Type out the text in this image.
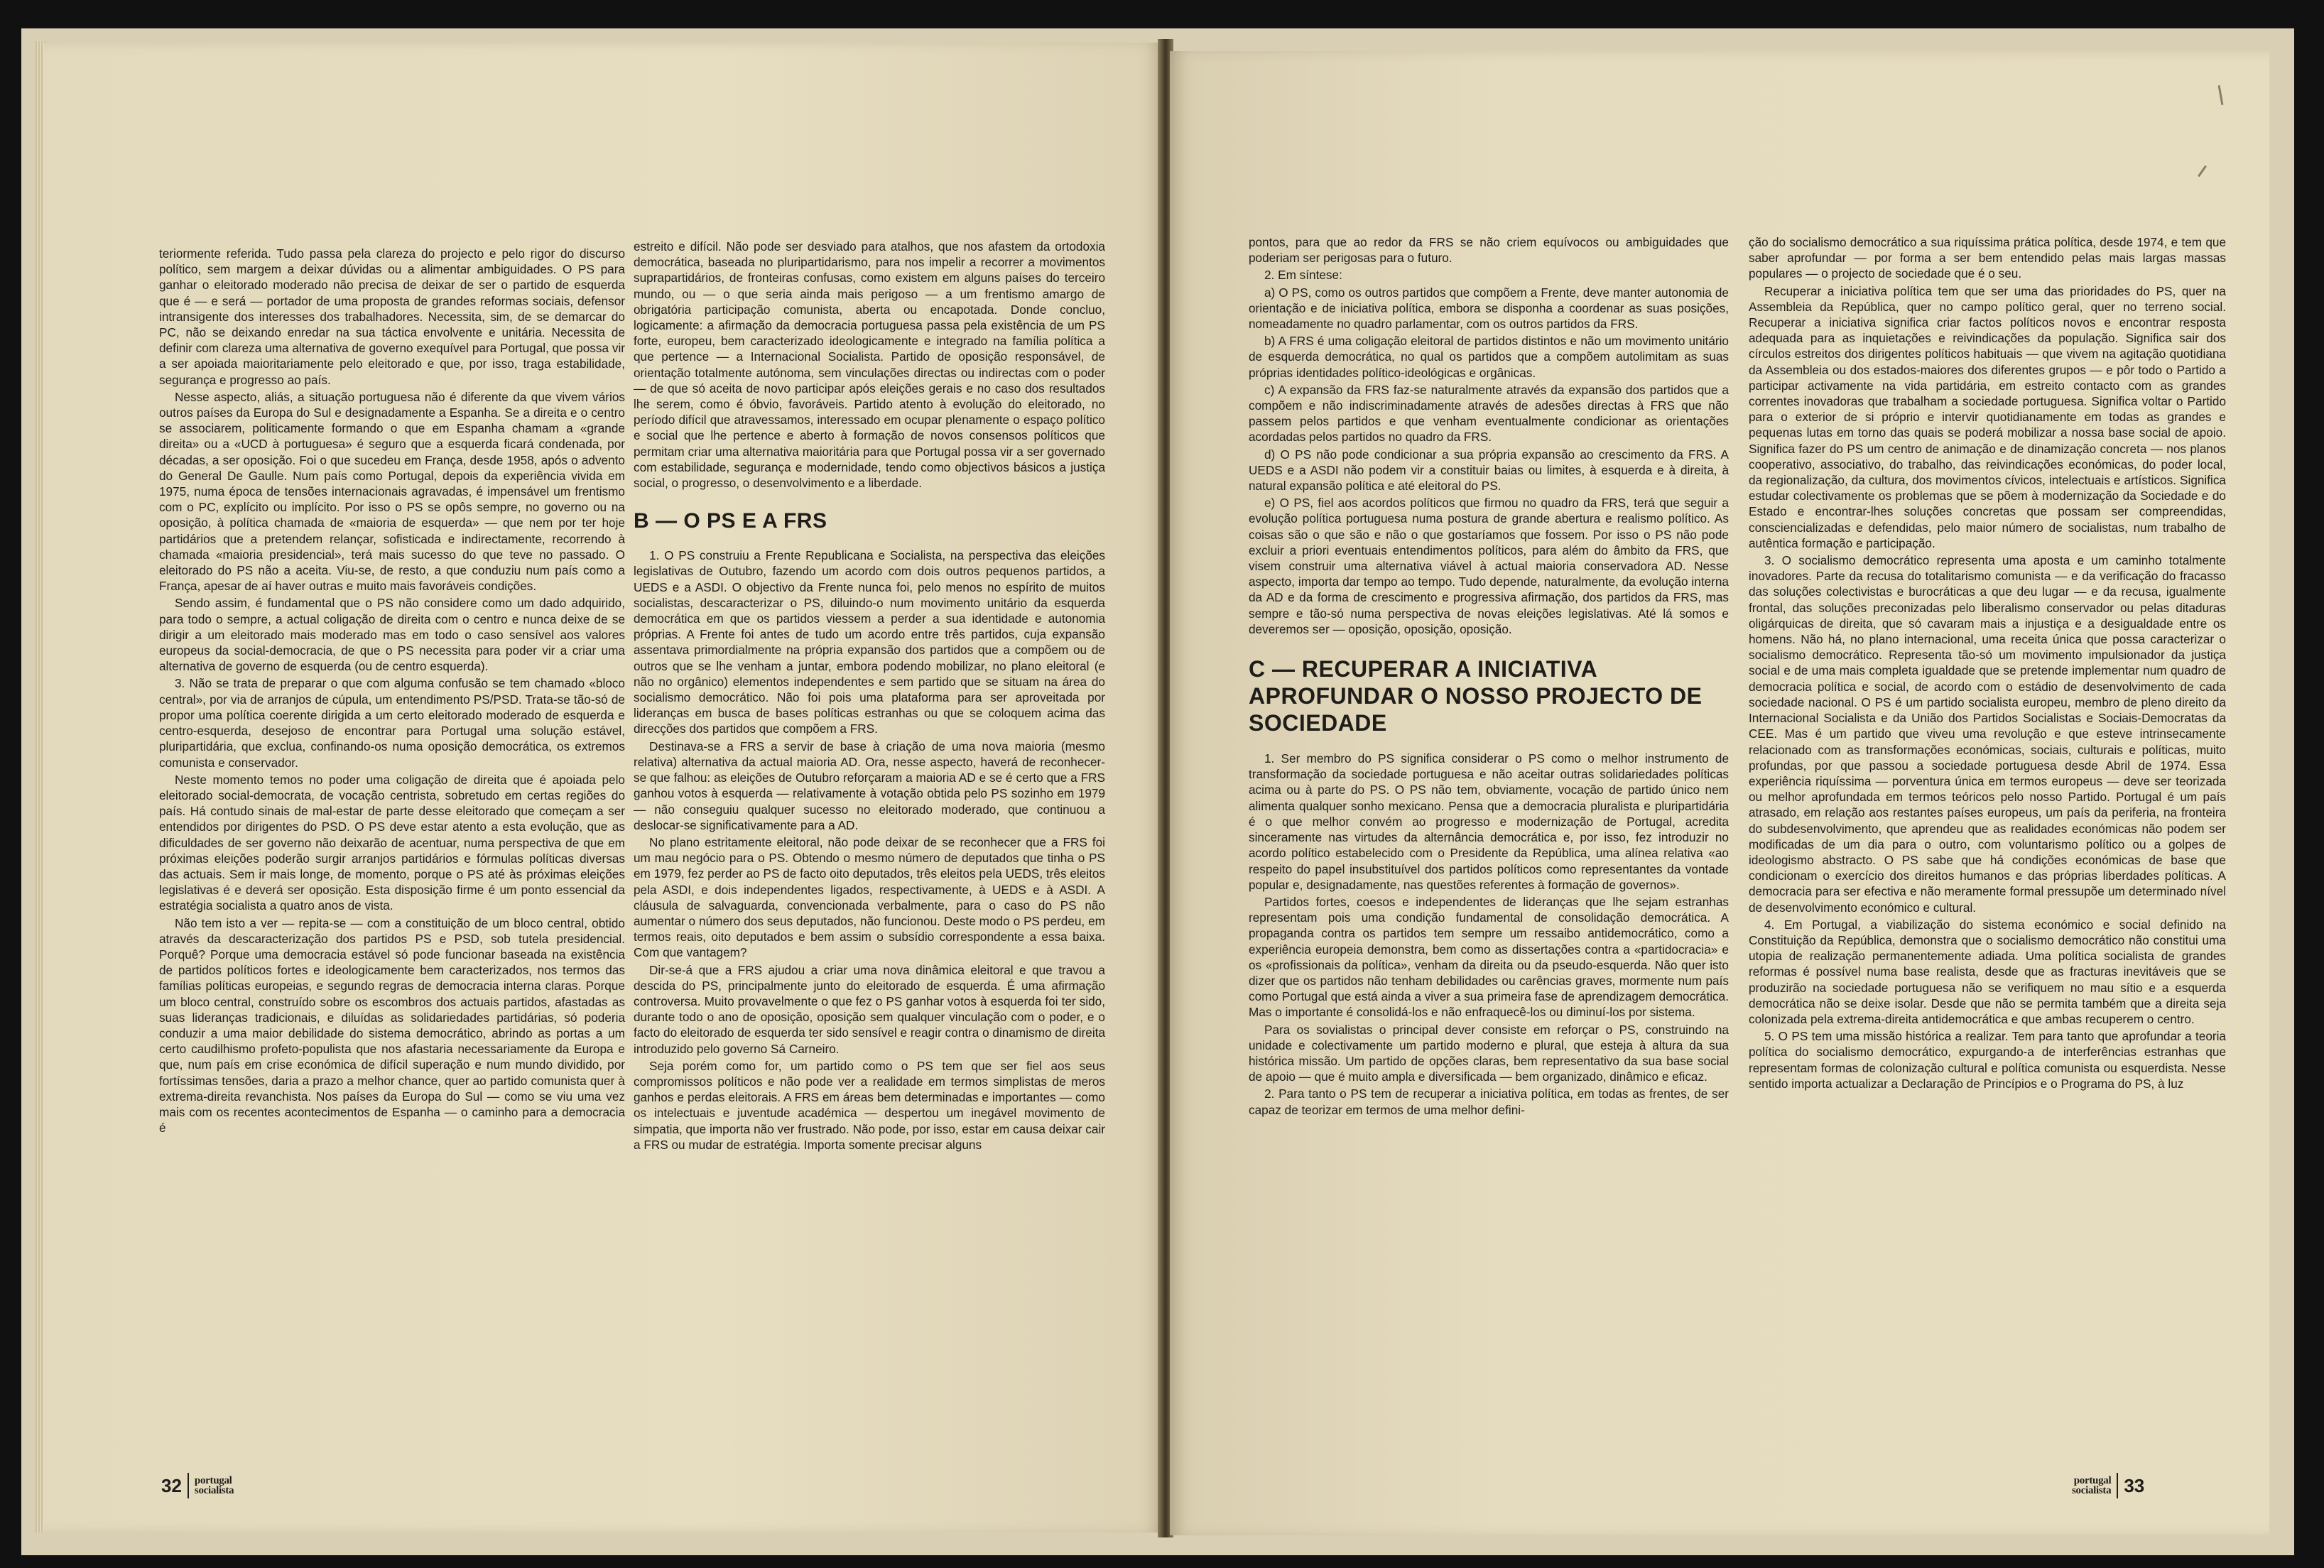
teriormente referida. Tudo passa pela clareza do projecto e pelo rigor do discurso político, sem margem a deixar dúvidas ou a alimentar ambiguidades. O PS para ganhar o eleitorado moderado não precisa de deixar de ser o partido de esquerda que é — e será — portador de uma proposta de grandes reformas sociais, defensor intransigente dos interesses dos trabalhadores. Necessita, sim, de se demarcar do PC, não se deixando enredar na sua táctica envolvente e unitária. Necessita de definir com clareza uma alternativa de governo exequível para Portugal, que possa vir a ser apoiada maioritariamente pelo eleitorado e que, por isso, traga estabilidade, segurança e progresso ao país.

Nesse aspecto, aliás, a situação portuguesa não é diferente da que vivem vários outros países da Europa do Sul e designadamente a Espanha. Se a direita e o centro se associarem, politicamente formando o que em Espanha chamam a «grande direita» ou a «UCD à portuguesa» é seguro que a esquerda ficará condenada, por décadas, a ser oposição. Foi o que sucedeu em França, desde 1958, após o advento do General De Gaulle. Num país como Portugal, depois da experiência vivida em 1975, numa época de tensões internacionais agravadas, é impensável um frentismo com o PC, explícito ou implícito. Por isso o PS se opôs sempre, no governo ou na oposição, à política chamada de «maioria de esquerda» — que nem por ter hoje partidários que a pretendem relançar, sofisticada e indirectamente, recorrendo à chamada «maioria presidencial», terá mais sucesso do que teve no passado. O eleitorado do PS não a aceita. Viu-se, de resto, a que conduziu num país como a França, apesar de aí haver outras e muito mais favoráveis condições.

Sendo assim, é fundamental que o PS não considere como um dado adquirido, para todo o sempre, a actual coligação de direita com o centro e nunca deixe de se dirigir a um eleitorado mais moderado mas em todo o caso sensível aos valores europeus da social-democracia, de que o PS necessita para poder vir a criar uma alternativa de governo de esquerda (ou de centro esquerda).

3. Não se trata de preparar o que com alguma confusão se tem chamado «bloco central», por via de arranjos de cúpula, um entendimento PS/PSD. Trata-se tão-só de propor uma política coerente dirigida a um certo eleitorado moderado de esquerda e centro-esquerda, desejoso de encontrar para Portugal uma solução estável, pluripartidária, que exclua, confinando-os numa oposição democrática, os extremos comunista e conservador.

Neste momento temos no poder uma coligação de direita que é apoiada pelo eleitorado social-democrata, de vocação centrista, sobretudo em certas regiões do país. Há contudo sinais de mal-estar de parte desse eleitorado que começam a ser entendidos por dirigentes do PSD. O PS deve estar atento a esta evolução, que as dificuldades de ser governo não deixarão de acentuar, numa perspectiva de que em próximas eleições poderão surgir arranjos partidários e fórmulas políticas diversas das actuais. Sem ir mais longe, de momento, porque o PS até às próximas eleições legislativas é e deverá ser oposição. Esta disposição firme é um ponto essencial da estratégia socialista a quatro anos de vista.

Não tem isto a ver — repita-se — com a constituição de um bloco central, obtido através da descaracterização dos partidos PS e PSD, sob tutela presidencial. Porquê? Porque uma democracia estável só pode funcionar baseada na existência de partidos políticos fortes e ideologicamente bem caracterizados, nos termos das famílias políticas europeias, e segundo regras de democracia interna claras. Porque um bloco central, construído sobre os escombros dos actuais partidos, afastadas as suas lideranças tradicionais, e diluídas as solidariedades partidárias, só poderia conduzir a uma maior debilidade do sistema democrático, abrindo as portas a um certo caudilhismo profeto-populista que nos afastaria necessariamente da Europa e que, num país em crise económica de difícil superação e num mundo dividido, por fortíssimas tensões, daria a prazo a melhor chance, quer ao partido comunista quer à extrema-direita revanchista. Nos países da Europa do Sul — como se viu uma vez mais com os recentes acontecimentos de Espanha — o caminho para a democracia é

estreito e difícil. Não pode ser desviado para atalhos, que nos afastem da ortodoxia democrática, baseada no pluripartidarismo, para nos impelir a recorrer a movimentos suprapartidários, de fronteiras confusas, como existem em alguns países do terceiro mundo, ou — o que seria ainda mais perigoso — a um frentismo amargo de obrigatória participação comunista, aberta ou encapotada. Donde concluo, logicamente: a afirmação da democracia portuguesa passa pela existência de um PS forte, europeu, bem caracterizado ideologicamente e integrado na família política a que pertence — a Internacional Socialista. Partido de oposição responsável, de orientação totalmente autónoma, sem vinculações directas ou indirectas com o poder — de que só aceita de novo participar após eleições gerais e no caso dos resultados lhe serem, como é óbvio, favoráveis. Partido atento à evolução do eleitorado, no período difícil que atravessamos, interessado em ocupar plenamente o espaço político e social que lhe pertence e aberto à formação de novos consensos políticos que permitam criar uma alternativa maioritária para que Portugal possa vir a ser governado com estabilidade, segurança e modernidade, tendo como objectivos básicos a justiça social, o progresso, o desenvolvimento e a liberdade.

B — O PS E A FRS

1. O PS construiu a Frente Republicana e Socialista, na perspectiva das eleições legislativas de Outubro, fazendo um acordo com dois outros pequenos partidos, a UEDS e a ASDI. O objectivo da Frente nunca foi, pelo menos no espírito de muitos socialistas, descaracterizar o PS, diluindo-o num movimento unitário da esquerda democrática em que os partidos viessem a perder a sua identidade e autonomia próprias. A Frente foi antes de tudo um acordo entre três partidos, cuja expansão assentava primordialmente na própria expansão dos partidos que a compõem ou de outros que se lhe venham a juntar, embora podendo mobilizar, no plano eleitoral (e não no orgânico) elementos independentes e sem partido que se situam na área do socialismo democrático. Não foi pois uma plataforma para ser aproveitada por lideranças em busca de bases políticas estranhas ou que se coloquem acima das direcções dos partidos que compõem a FRS.

Destinava-se a FRS a servir de base à criação de uma nova maioria (mesmo relativa) alternativa da actual maioria AD. Ora, nesse aspecto, haverá de reconhecer-se que falhou: as eleições de Outubro reforçaram a maioria AD e se é certo que a FRS ganhou votos à esquerda — relativamente à votação obtida pelo PS sozinho em 1979 — não conseguiu qualquer sucesso no eleitorado moderado, que continuou a deslocar-se significativamente para a AD.

No plano estritamente eleitoral, não pode deixar de se reconhecer que a FRS foi um mau negócio para o PS. Obtendo o mesmo número de deputados que tinha o PS em 1979, fez perder ao PS de facto oito deputados, três eleitos pela UEDS, três eleitos pela ASDI, e dois independentes ligados, respectivamente, à UEDS e à ASDI. A cláusula de salvaguarda, convencionada verbalmente, para o caso do PS não aumentar o número dos seus deputados, não funcionou. Deste modo o PS perdeu, em termos reais, oito deputados e bem assim o subsídio correspondente a essa baixa. Com que vantagem?

Dir-se-á que a FRS ajudou a criar uma nova dinâmica eleitoral e que travou a descida do PS, principalmente junto do eleitorado de esquerda. É uma afirmação controversa. Muito provavelmente o que fez o PS ganhar votos à esquerda foi ter sido, durante todo o ano de oposição, oposição sem qualquer vinculação com o poder, e o facto do eleitorado de esquerda ter sido sensível e reagir contra o dinamismo de direita introduzido pelo governo Sá Carneiro.

Seja porém como for, um partido como o PS tem que ser fiel aos seus compromissos políticos e não pode ver a realidade em termos simplistas de meros ganhos e perdas eleitorais. A FRS em áreas bem determinadas e importantes — como os intelectuais e juventude académica — despertou um inegável movimento de simpatia, que importa não ver frustrado. Não pode, por isso, estar em causa deixar cair a FRS ou mudar de estratégia. Importa somente precisar alguns

32 portugal
socialista

pontos, para que ao redor da FRS se não criem equívocos ou ambiguidades que poderiam ser perigosas para o futuro.

2. Em síntese:

a) O PS, como os outros partidos que compõem a Frente, deve manter autonomia de orientação e de iniciativa política, embora se disponha a coordenar as suas posições, nomeadamente no quadro parlamentar, com os outros partidos da FRS.

b) A FRS é uma coligação eleitoral de partidos distintos e não um movimento unitário de esquerda democrática, no qual os partidos que a compõem autolimitam as suas próprias identidades político-ideológicas e orgânicas.

c) A expansão da FRS faz-se naturalmente através da expansão dos partidos que a compõem e não indiscriminadamente através de adesões directas à FRS que não passem pelos partidos e que venham eventualmente condicionar as orientações acordadas pelos partidos no quadro da FRS.

d) O PS não pode condicionar a sua própria expansão ao crescimento da FRS. A UEDS e a ASDI não podem vir a constituir baias ou limites, à esquerda e à direita, à natural expansão política e até eleitoral do PS.

e) O PS, fiel aos acordos políticos que firmou no quadro da FRS, terá que seguir a evolução política portuguesa numa postura de grande abertura e realismo político. As coisas são o que são e não o que gostaríamos que fossem. Por isso o PS não pode excluir a priori eventuais entendimentos políticos, para além do âmbito da FRS, que visem construir uma alternativa viável à actual maioria conservadora AD. Nesse aspecto, importa dar tempo ao tempo. Tudo depende, naturalmente, da evolução interna da AD e da forma de crescimento e progressiva afirmação, dos partidos da FRS, mas sempre e tão-só numa perspectiva de novas eleições legislativas. Até lá somos e deveremos ser — oposição, oposição, oposição.

C — RECUPERAR A INICIATIVA APROFUNDAR O NOSSO PROJECTO DE SOCIEDADE

1. Ser membro do PS significa considerar o PS como o melhor instrumento de transformação da sociedade portuguesa e não aceitar outras solidariedades políticas acima ou à parte do PS. O PS não tem, obviamente, vocação de partido único nem alimenta qualquer sonho mexicano. Pensa que a democracia pluralista e pluripartidária é o que melhor convém ao progresso e modernização de Portugal, acredita sinceramente nas virtudes da alternância democrática e, por isso, fez introduzir no acordo político estabelecido com o Presidente da República, uma alínea relativa «ao respeito do papel insubstituível dos partidos políticos como representantes da vontade popular e, designadamente, nas questões referentes à formação de governos».

Partidos fortes, coesos e independentes de lideranças que lhe sejam estranhas representam pois uma condição fundamental de consolidação democrática. A propaganda contra os partidos tem sempre um ressaibo antidemocrático, como a experiência europeia demonstra, bem como as dissertações contra a «partidocracia» e os «profissionais da política», venham da direita ou da pseudo-esquerda. Não quer isto dizer que os partidos não tenham debilidades ou carências graves, mormente num país como Portugal que está ainda a viver a sua primeira fase de aprendizagem democrática. Mas o importante é consolidá-los e não enfraquecê-los ou diminuí-los por sistema.

Para os sovialistas o principal dever consiste em reforçar o PS, construindo na unidade e colectivamente um partido moderno e plural, que esteja à altura da sua histórica missão. Um partido de opções claras, bem representativo da sua base social de apoio — que é muito ampla e diversificada — bem organizado, dinâmico e eficaz.

2. Para tanto o PS tem de recuperar a iniciativa política, em todas as frentes, de ser capaz de teorizar em termos de uma melhor defini-

ção do socialismo democrático a sua riquíssima prática política, desde 1974, e tem que saber aprofundar — por forma a ser bem entendido pelas mais largas massas populares — o projecto de sociedade que é o seu.

Recuperar a iniciativa política tem que ser uma das prioridades do PS, quer na Assembleia da República, quer no campo político geral, quer no terreno social. Recuperar a iniciativa significa criar factos políticos novos e encontrar resposta adequada para as inquietações e reivindicações da população. Significa sair dos círculos estreitos dos dirigentes políticos habituais — que vivem na agitação quotidiana da Assembleia ou dos estados-maiores dos diferentes grupos — e pôr todo o Partido a participar activamente na vida partidária, em estreito contacto com as grandes correntes inovadoras que trabalham a sociedade portuguesa. Significa voltar o Partido para o exterior de si próprio e intervir quotidianamente em todas as grandes e pequenas lutas em torno das quais se poderá mobilizar a nossa base social de apoio. Significa fazer do PS um centro de animação e de dinamização concreta — nos planos cooperativo, associativo, do trabalho, das reivindicações económicas, do poder local, da regionalização, da cultura, dos movimentos cívicos, intelectuais e artísticos. Significa estudar colectivamente os problemas que se põem à modernização da Sociedade e do Estado e encontrar-lhes soluções concretas que possam ser compreendidas, consciencializadas e defendidas, pelo maior número de socialistas, num trabalho de autêntica formação e participação.

3. O socialismo democrático representa uma aposta e um caminho totalmente inovadores. Parte da recusa do totalitarismo comunista — e da verificação do fracasso das soluções colectivistas e burocráticas a que deu lugar — e da recusa, igualmente frontal, das soluções preconizadas pelo liberalismo conservador ou pelas ditaduras oligárquicas de direita, que só cavaram mais a injustiça e a desigualdade entre os homens. Não há, no plano internacional, uma receita única que possa caracterizar o socialismo democrático. Representa tão-só um movimento impulsionador da justiça social e de uma mais completa igualdade que se pretende implementar num quadro de democracia política e social, de acordo com o estádio de desenvolvimento de cada sociedade nacional. O PS é um partido socialista europeu, membro de pleno direito da Internacional Socialista e da União dos Partidos Socialistas e Sociais-Democratas da CEE. Mas é um partido que viveu uma revolução e que esteve intrinsecamente relacionado com as transformações económicas, sociais, culturais e políticas, muito profundas, por que passou a sociedade portuguesa desde Abril de 1974. Essa experiência riquíssima — porventura única em termos europeus — deve ser teorizada ou melhor aprofundada em termos teóricos pelo nosso Partido. Portugal é um país atrasado, em relação aos restantes países europeus, um país da periferia, na fronteira do subdesenvolvimento, que aprendeu que as realidades económicas não podem ser modificadas de um dia para o outro, com voluntarismo político ou a golpes de ideologismo abstracto. O PS sabe que há condições económicas de base que condicionam o exercício dos direitos humanos e das próprias liberdades políticas. A democracia para ser efectiva e não meramente formal pressupõe um determinado nível de desenvolvimento económico e cultural.

4. Em Portugal, a viabilização do sistema económico e social definido na Constituição da República, demonstra que o socialismo democrático não constitui uma utopia de realização permanentemente adiada. Uma política socialista de grandes reformas é possível numa base realista, desde que as fracturas inevitáveis que se produzirão na sociedade portuguesa não se verifiquem no mau sítio e a esquerda democrática não se deixe isolar. Desde que não se permita também que a direita seja colonizada pela extrema-direita antidemocrática e que ambas recuperem o centro.

5. O PS tem uma missão histórica a realizar. Tem para tanto que aprofundar a teoria política do socialismo democrático, expurgando-a de interferências estranhas que representam formas de colonização cultural e política comunista ou esquerdista. Nesse sentido importa actualizar a Declaração de Princípios e o Programa do PS, à luz

portugal
socialista 33
